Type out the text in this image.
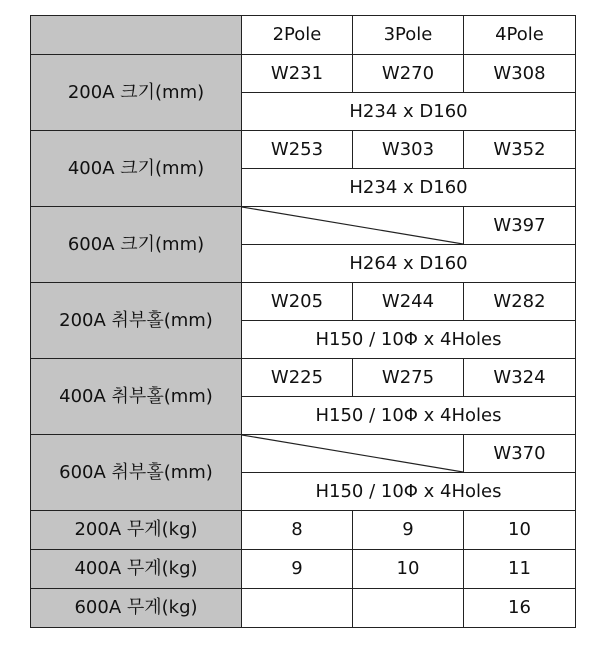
	2Pole	3Pole	4Pole
200A 크기(mm)	W231	W270	W308
	H234 x D160		
400A 크기(mm)	W253	W303	W352
	H234 x D160		
600A 크기(mm)			W397
	H264 x D160		
200A 취부홀(mm)	W205	W244	W282
	H150 / 10Φ x 4Holes		
400A 취부홀(mm)	W225	W275	W324
	H150 / 10Φ x 4Holes		
600A 취부홀(mm)			W370
	H150 / 10Φ x 4Holes		
200A 무게(kg)	8	9	10
400A 무게(kg)	9	10	11
600A 무게(kg)			16
